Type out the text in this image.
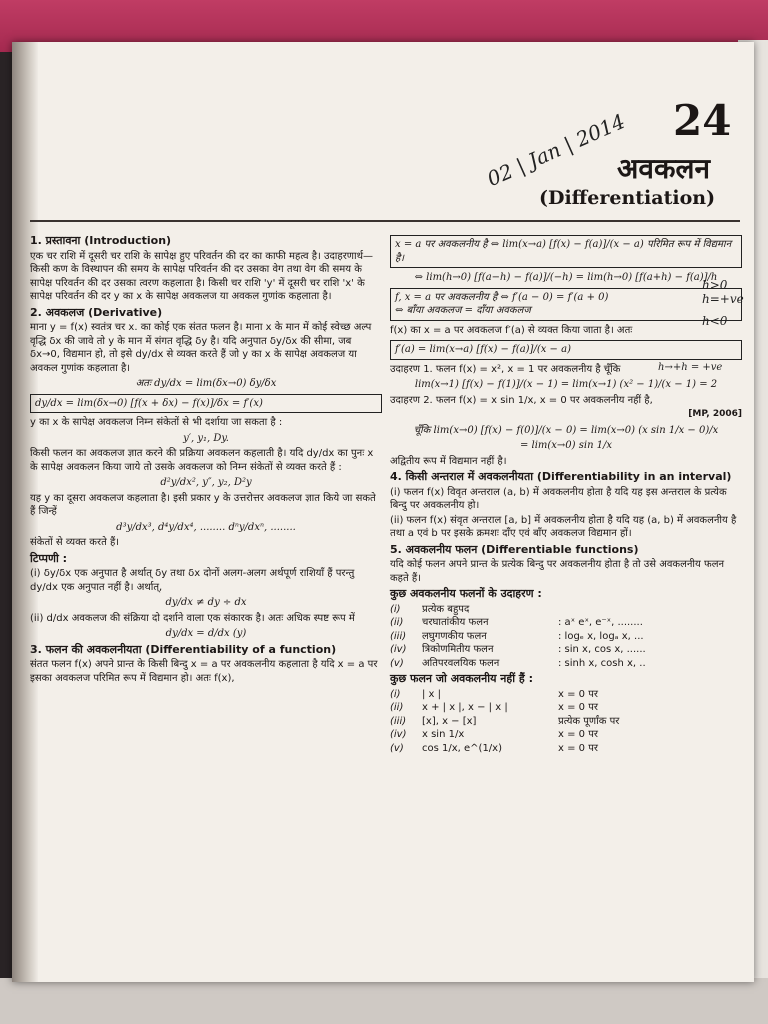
24
अवकलन
(Differentiation)
02 | Jan | 2014
1. प्रस्तावना (Introduction)

एक चर राशि में दूसरी चर राशि के सापेक्ष हुए परिवर्तन की दर का काफी महत्व है। उदाहरणार्थ—किसी कण के विस्थापन की समय के सापेक्ष परिवर्तन की दर उसका वेग तथा वेग की समय के सापेक्ष परिवर्तन की दर उसका त्वरण कहलाता है। किसी चर राशि 'y' में दूसरी चर राशि 'x' के सापेक्ष परिवर्तन की दर y का x के सापेक्ष अवकलज या अवकल गुणांक कहलाता है।

2. अवकलज (Derivative)

माना y = f(x) स्वतंत्र चर x. का कोई एक संतत फलन है। माना x के मान में कोई स्वेच्छ अल्प वृद्धि δx की जावे तो y के मान में संगत वृद्धि δy है। यदि अनुपात δy/δx की सीमा, जब δx→0, विद्यमान हो, तो इसे dy/dx से व्यक्त करते हैं जो y का x के सापेक्ष अवकलज या अवकल गुणांक कहलाता है।

अतः dy/dx = lim(δx→0) δy/δx
dy/dx = lim(δx→0) [f(x + δx) − f(x)]/δx = f′(x)

y का x के सापेक्ष अवकलज निम्न संकेतों से भी दर्शाया जा सकता है :

y′, y₁, Dy.

किसी फलन का अवकलज ज्ञात करने की प्रक्रिया अवकलन कहलाती है। यदि dy/dx का पुनः x के सापेक्ष अवकलन किया जाये तो उसके अवकलज को निम्न संकेतों से व्यक्त करते हैं :

d²y/dx², y″, y₂, D²y

यह y का दूसरा अवकलज कहलाता है। इसी प्रकार y के उत्तरोत्तर अवकलज ज्ञात किये जा सकते हैं जिन्हें

d³y/dx³, d⁴y/dx⁴, ........ dⁿy/dxⁿ, ........

संकेतों से व्यक्त करते हैं।

टिप्पणी :

(i) δy/δx एक अनुपात है अर्थात् δy तथा δx दोनों अलग-अलग अर्थपूर्ण राशियाँ हैं परन्तु dy/dx एक अनुपात नहीं है। अर्थात्,

dy/dx ≠ dy ÷ dx

(ii) d/dx अवकलज की संक्रिया दो दर्शाने वाला एक संकारक है। अतः अधिक स्पष्ट रूप में

dy/dx = d/dx (y)
3. फलन की अवकलनीयता (Differentiability of a function)

संतत फलन f(x) अपने प्रान्त के किसी बिन्दु x = a पर अवकलनीय कहलाता है यदि x = a पर इसका अवकलज परिमित रूप में विद्यमान हो। अतः f(x),

x = a पर अवकलनीय है ⇔ lim(x→a) [f(x) − f(a)]/(x − a) परिमित रूप में विद्यमान है।
⇔ lim(h→0) [f(a−h) − f(a)]/(−h) = lim(h→0) [f(a+h) − f(a)]/h
f, x = a पर अवकलनीय है ⇔ f′(a − 0) = f′(a + 0)
⇔ बाँया अवकलज = दाँया अवकलज

f(x) का x = a पर अवकलज f′(a) से व्यक्त किया जाता है। अतः

f′(a) = lim(x→a) [f(x) − f(a)]/(x − a)

उदाहरण 1. फलन f(x) = x², x = 1 पर अवकलनीय है चूँकि

lim(x→1) [f(x) − f(1)]/(x − 1) = lim(x→1) (x² − 1)/(x − 1) = 2

उदाहरण 2. फलन f(x) = x sin 1/x, x = 0 पर अवकलनीय नहीं है,

[MP, 2006]
चूँकि lim(x→0) [f(x) − f(0)]/(x − 0) = lim(x→0) (x sin 1/x − 0)/x
= lim(x→0) sin 1/x

अद्वितीय रूप में विद्यमान नहीं है।

4. किसी अन्तराल में अवकलनीयता (Differentiability in an interval)

(i) फलन f(x) विवृत अन्तराल (a, b) में अवकलनीय होता है यदि यह इस अन्तराल के प्रत्येक बिन्दु पर अवकलनीय हो।

(ii) फलन f(x) संवृत अन्तराल [a, b] में अवकलनीय होता है यदि यह (a, b) में अवकलनीय है तथा a एवं b पर इसके क्रमशः दाँए एवं बाँए अवकलज विद्यमान हों।

5. अवकलनीय फलन (Differentiable functions)

यदि कोई फलन अपने प्रान्त के प्रत्येक बिन्दु पर अवकलनीय होता है तो उसे अवकलनीय फलन कहते हैं।

कुछ अवकलनीय फलनों के उदाहरण :
(i)	प्रत्येक बहुपद
(ii)	चरघातांकीय फलन	: aˣ eˣ, e⁻ˣ, ........
(iii)	लघुगणकीय फलन	: logₑ x, logₐ x, ...
(iv)	त्रिकोणमितीय फलन	: sin x, cos x, ......
(v)	अतिपरवलयिक फलन	: sinh x, cosh x, ..
कुछ फलन जो अवकलनीय नहीं हैं :
(i)	| x |	x = 0 पर
(ii)	x + | x |, x − | x |	x = 0 पर
(iii)	[x], x − [x]	प्रत्येक पूर्णांक पर
(iv)	x sin 1/x	x = 0 पर
(v)	cos 1/x, e^(1/x)	x = 0 पर
h>0 h=+ve
h<0
h→+h = +ve
